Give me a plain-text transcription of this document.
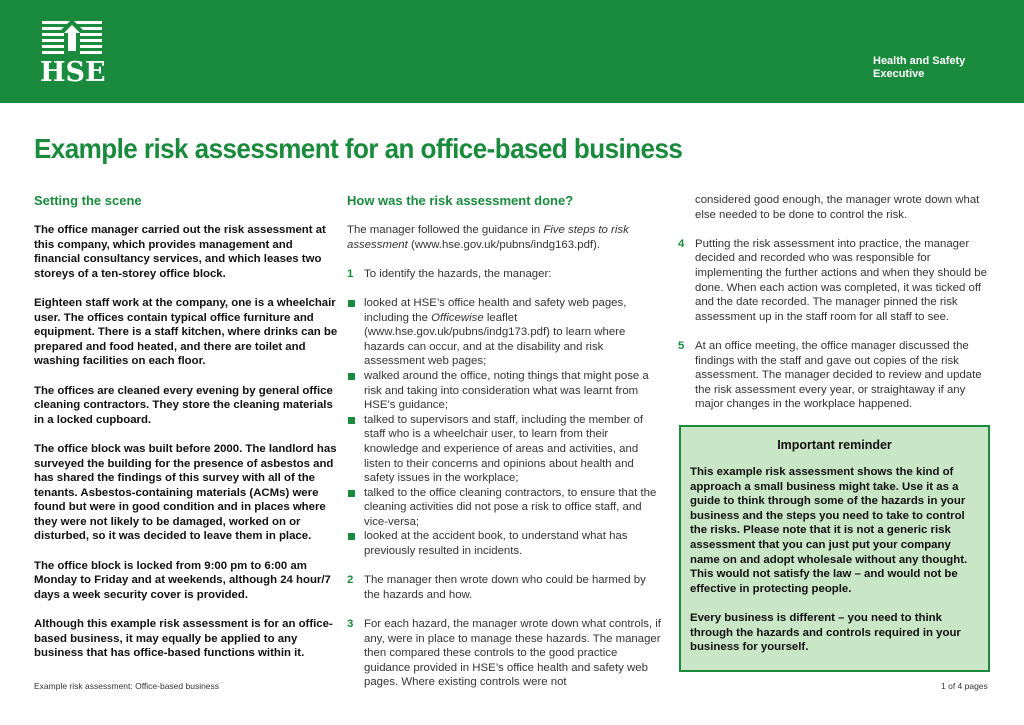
HSE	Health and Safety
Executive
Example risk assessment for an office-based business
Setting the scene

The office manager carried out the risk assessment at this company, which provides management and financial consultancy services, and which leases two storeys of a ten-storey office block.

Eighteen staff work at the company, one is a wheelchair user. The offices contain typical office furniture and equipment. There is a staff kitchen, where drinks can be prepared and food heated, and there are toilet and washing facilities on each floor.

The offices are cleaned every evening by general office cleaning contractors. They store the cleaning materials in a locked cupboard.

The office block was built before 2000. The landlord has surveyed the building for the presence of asbestos and has shared the findings of this survey with all of the tenants. Asbestos-containing materials (ACMs) were found but were in good condition and in places where they were not likely to be damaged, worked on or disturbed, so it was decided to leave them in place.

The office block is locked from 9:00 pm to 6:00 am Monday to Friday and at weekends, although 24 hour/7 days a week security cover is provided.

Although this example risk assessment is for an office-based business, it may equally be applied to any business that has office-based functions within it.

How was the risk assessment done?

The manager followed the guidance in Five steps to risk assessment (www.hse.gov.uk/pubns/indg163.pdf).

1 To identify the hazards, the manager:
looked at HSE’s office health and safety web pages, including the Officewise leaflet (www.hse.gov.uk/pubns/indg173.pdf) to learn where hazards can occur, and at the disability and risk assessment web pages;
walked around the office, noting things that might pose a risk and taking into consideration what was learnt from HSE’s guidance;
talked to supervisors and staff, including the member of staff who is a wheelchair user, to learn from their knowledge and experience of areas and activities, and listen to their concerns and opinions about health and safety issues in the workplace;
talked to the office cleaning contractors, to ensure that the cleaning activities did not pose a risk to office staff, and vice-versa;
looked at the accident book, to understand what has previously resulted in incidents.
2 The manager then wrote down who could be harmed by the hazards and how.
3 For each hazard, the manager wrote down what controls, if any, were in place to manage these hazards. The manager then compared these controls to the good practice guidance provided in HSE’s office health and safety web pages. Where existing controls were not
considered good enough, the manager wrote down what else needed to be done to control the risk.
4 Putting the risk assessment into practice, the manager decided and recorded who was responsible for implementing the further actions and when they should be done. When each action was completed, it was ticked off and the date recorded. The manager pinned the risk assessment up in the staff room for all staff to see.
5 At an office meeting, the office manager discussed the findings with the staff and gave out copies of the risk assessment. The manager decided to review and update the risk assessment every year, or straightaway if any major changes in the workplace happened.
Important reminder

This example risk assessment shows the kind of approach a small business might take. Use it as a guide to think through some of the hazards in your business and the steps you need to take to control the risks. Please note that it is not a generic risk assessment that you can just put your company name on and adopt wholesale without any thought. This would not satisfy the law – and would not be effective in protecting people.

Every business is different – you need to think through the hazards and controls required in your business for yourself.

Example risk assessment: Office-based business	1 of 4 pages
